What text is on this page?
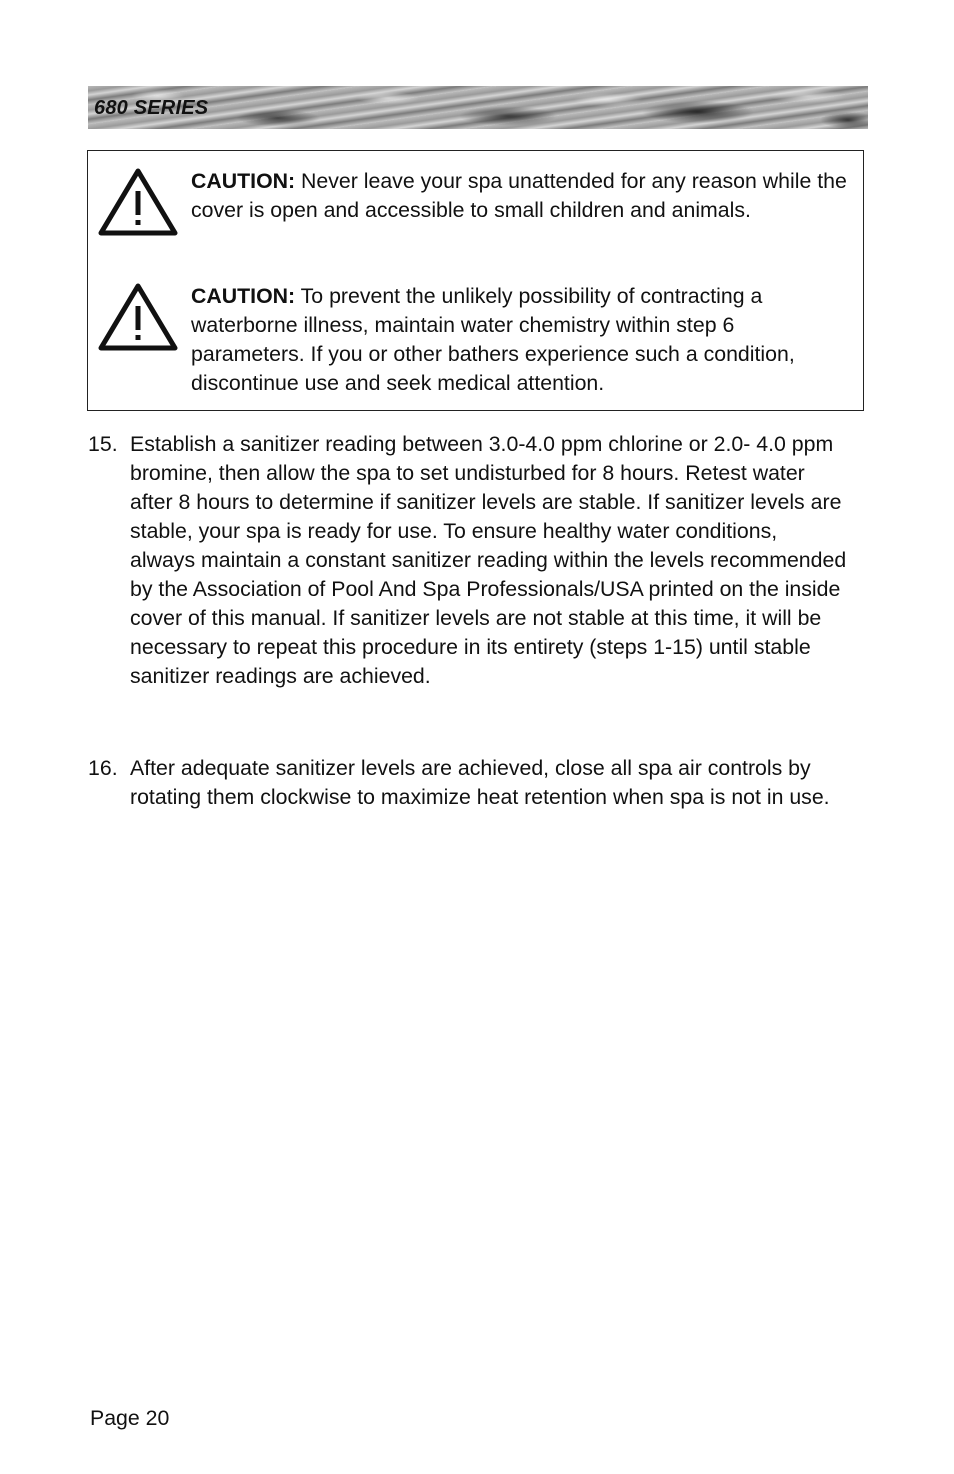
680 SERIES
CAUTION: Never leave your spa unattended for any reason while the cover is open and accessible to small children and animals.
CAUTION: To prevent the unlikely possibility of contracting a waterborne illness, maintain water chemistry within step 6 parameters. If you or other bathers experience such a condition, discontinue use and seek medical attention.
15. Establish a sanitizer reading between 3.0-4.0 ppm chlorine or 2.0- 4.0 ppm bromine, then allow the spa to set undisturbed for 8 hours. Retest water after 8 hours to determine if sanitizer levels are stable. If sanitizer levels are stable, your spa is ready for use. To ensure healthy water conditions, always maintain a constant sanitizer reading within the levels recommended by the Association of Pool And Spa Professionals/USA printed on the inside cover of this manual. If sanitizer levels are not stable at this time, it will be necessary to repeat this procedure in its entirety (steps 1-15) until stable sanitizer readings are achieved.
16. After adequate sanitizer levels are achieved, close all spa air controls by rotating them clockwise to maximize heat retention when spa is not in use.
Page 20
